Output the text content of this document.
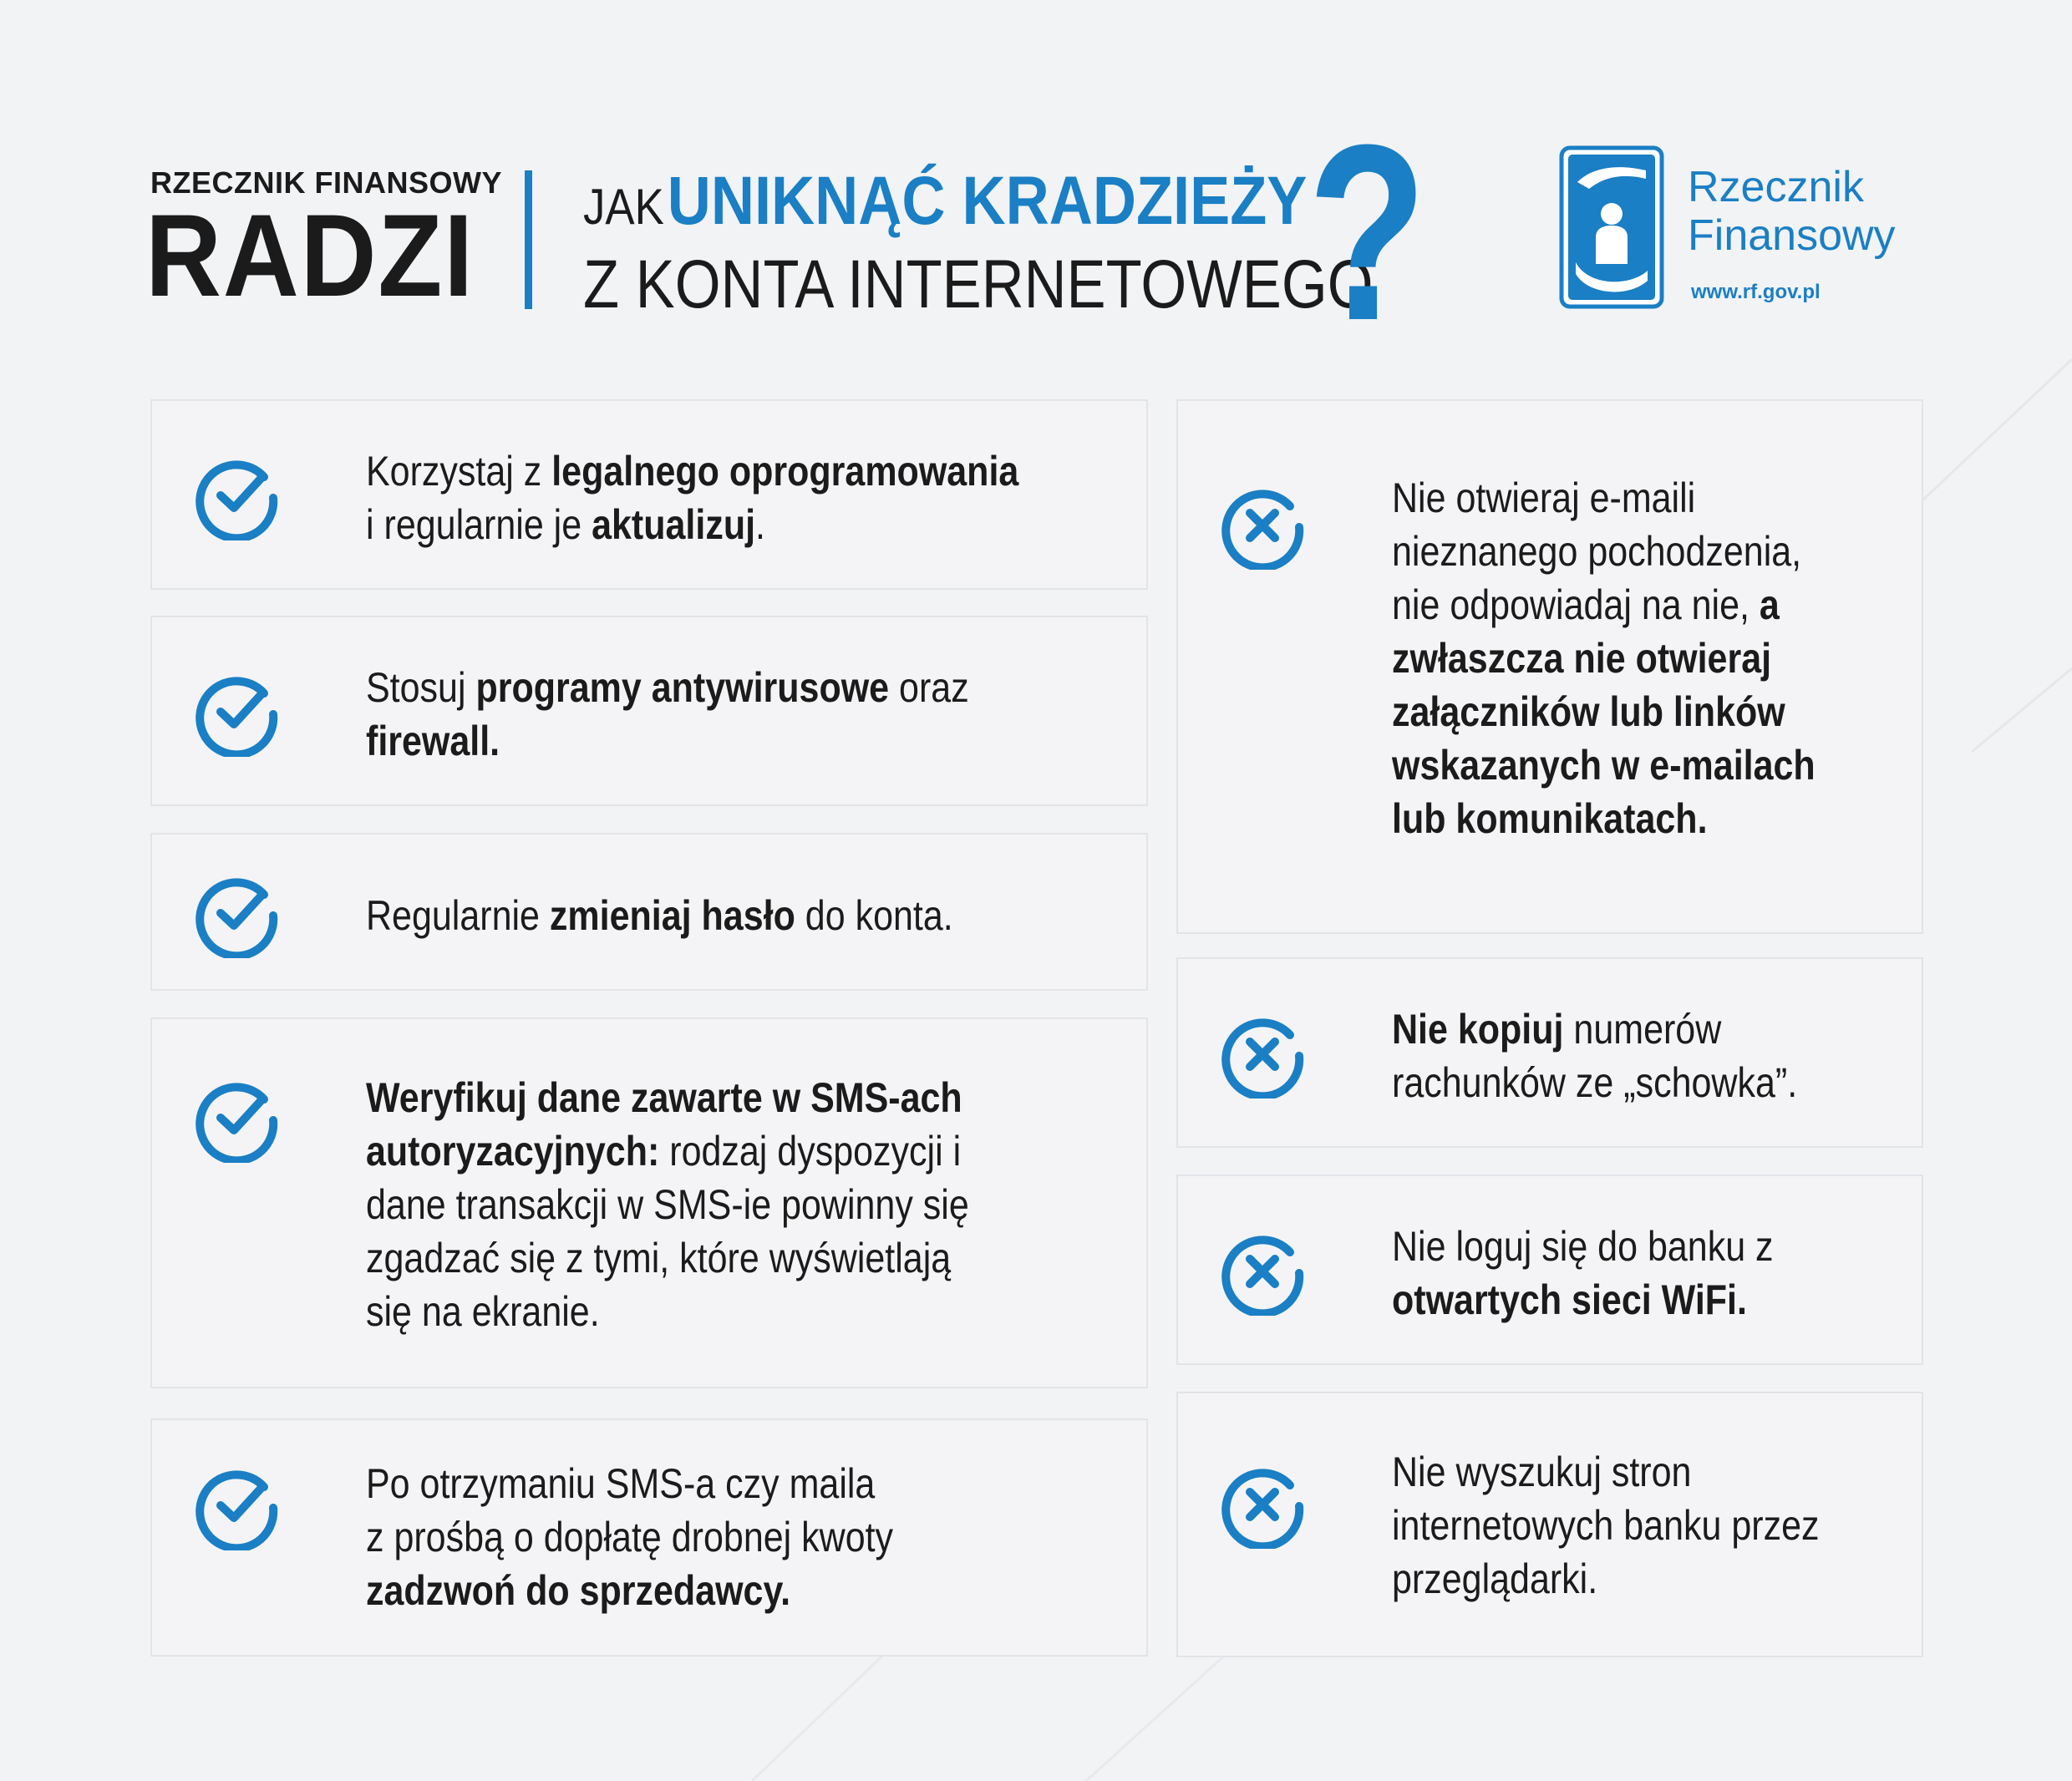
RZECZNIK FINANSOWY
RADZI JAK UNIKNĄĆ KRADZIEŻY
Z KONTA INTERNETOWEGO
?	Rzecznik
Finansowy
www.rf.gov.pl
Korzystaj z legalnego oprogramowania
i regularnie je aktualizuj.
Stosuj programy antywirusowe oraz
firewall.
Regularnie zmieniaj hasło do konta.
Weryfikuj dane zawarte w SMS-ach
autoryzacyjnych: rodzaj dyspozycji i
dane transakcji w SMS-ie powinny się
zgadzać się z tymi, które wyświetlają
się na ekranie.
Po otrzymaniu SMS-a czy maila
z prośbą o dopłatę drobnej kwoty
zadzwoń do sprzedawcy.
Nie otwieraj e-maili
nieznanego pochodzenia,
nie odpowiadaj na nie, a
zwłaszcza nie otwieraj
załączników lub linków
wskazanych w e-mailach
lub komunikatach.
Nie kopiuj numerów
rachunków ze „schowka”.
Nie loguj się do banku z
otwartych sieci WiFi.
Nie wyszukuj stron
internetowych banku przez
przeglądarki.
